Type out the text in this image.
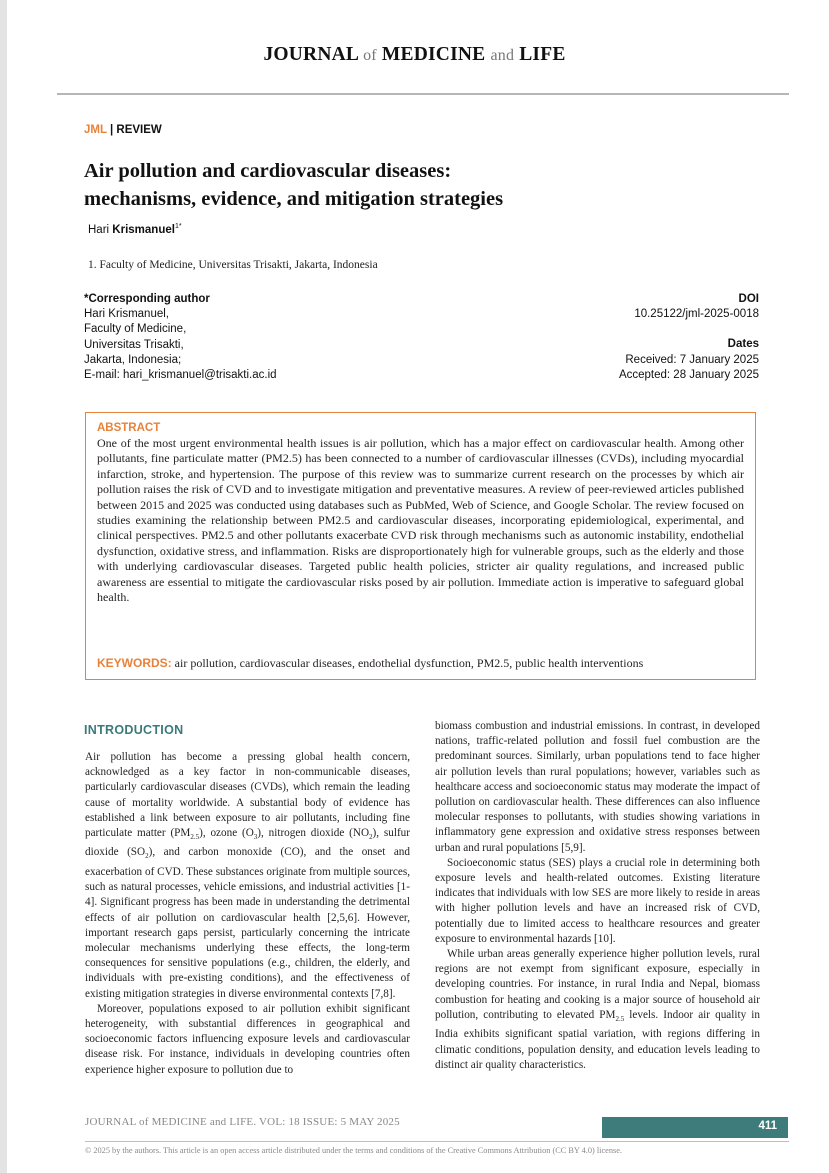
JOURNAL of MEDICINE and LIFE
JML | REVIEW
Air pollution and cardiovascular diseases:
mechanisms, evidence, and mitigation strategies
Hari Krismanuel$^{1*}$
1. Faculty of Medicine, Universitas Trisakti, Jakarta, Indonesia
*Corresponding author
Hari Krismanuel,
Faculty of Medicine,
Universitas Trisakti,
Jakarta, Indonesia;
E-mail: hari_krismanuel@trisakti.ac.id
DOI
10.25122/jml-2025-0018
Dates
Received: 7 January 2025
Accepted: 28 January 2025

ABSTRACT

One of the most urgent environmental health issues is air pollution, which has a major effect on cardiovascular health. Among other pollutants, fine particulate matter (PM2.5) has been connected to a number of cardiovascular illnesses (CVDs), including myocardial infarction, stroke, and hypertension. The purpose of this review was to summarize current research on the processes by which air pollution raises the risk of CVD and to investigate mitigation and preventative measures. A review of peer-reviewed articles published between 2015 and 2025 was conducted using databases such as PubMed, Web of Science, and Google Scholar. The review focused on studies examining the relationship between PM2.5 and cardiovascular diseases, incorporating epidemiological, experimental, and clinical perspectives. PM2.5 and other pollutants exacerbate CVD risk through mechanisms such as autonomic instability, endothelial dysfunction, oxidative stress, and inflammation. Risks are disproportionately high for vulnerable groups, such as the elderly and those with underlying cardiovascular diseases. Targeted public health policies, stricter air quality regulations, and increased public awareness are essential to mitigate the cardiovascular risks posed by air pollution. Immediate action is imperative to safeguard global health.

KEYWORDS: air pollution, cardiovascular diseases, endothelial dysfunction, PM2.5, public health interventions
INTRODUCTION

Air pollution has become a pressing global health concern, acknowledged as a key factor in non-communicable diseases, particularly cardiovascular diseases (CVDs), which remain the leading cause of mortality worldwide. A substantial body of evidence has established a link between exposure to air pollutants, including fine particulate matter $(PM_{2.5})$, ozone $(O_3)$, nitrogen dioxide $(NO_2)$, sulfur dioxide $(SO_2)$, and carbon monoxide (CO), and the onset and exacerbation of CVD. These substances originate from multiple sources, such as natural processes, vehicle emissions, and industrial activities [1-4]. Significant progress has been made in understanding the detrimental effects of air pollution on cardiovascular health [2,5,6]. However, important research gaps persist, particularly concerning the intricate molecular mechanisms underlying these effects, the long-term consequences for sensitive populations (e.g., children, the elderly, and individuals with pre-existing conditions), and the effectiveness of existing mitigation strategies in diverse environmental contexts [7,8].

Moreover, populations exposed to air pollution exhibit significant heterogeneity, with substantial differences in geographical and socioeconomic factors influencing exposure levels and cardiovascular disease risk. For instance, individuals in developing countries often experience higher exposure to pollution due to

biomass combustion and industrial emissions. In contrast, in developed nations, traffic-related pollution and fossil fuel combustion are the predominant sources. Similarly, urban populations tend to face higher air pollution levels than rural populations; however, variables such as healthcare access and socioeconomic status may moderate the impact of pollution on cardiovascular health. These differences can also influence molecular responses to pollutants, with studies showing variations in inflammatory gene expression and oxidative stress responses between urban and rural populations [5,9].

Socioeconomic status (SES) plays a crucial role in determining both exposure levels and health-related outcomes. Existing literature indicates that individuals with low SES are more likely to reside in areas with higher pollution levels and have an increased risk of CVD, potentially due to limited access to healthcare resources and greater exposure to environmental hazards [10].

While urban areas generally experience higher pollution levels, rural regions are not exempt from significant exposure, especially in developing countries. For instance, in rural India and Nepal, biomass combustion for heating and cooking is a major source of household air pollution, contributing to elevated $PM_{2.5}$ levels. Indoor air quality in India exhibits significant spatial variation, with regions differing in climatic conditions, population density, and education levels leading to distinct air quality characteristics.

JOURNAL of MEDICINE and LIFE. VOL: 18 ISSUE: 5 MAY 2025	411
© 2025 by the authors. This article is an open access article distributed under the terms and conditions of the Creative Commons Attribution (CC BY 4.0) license.
